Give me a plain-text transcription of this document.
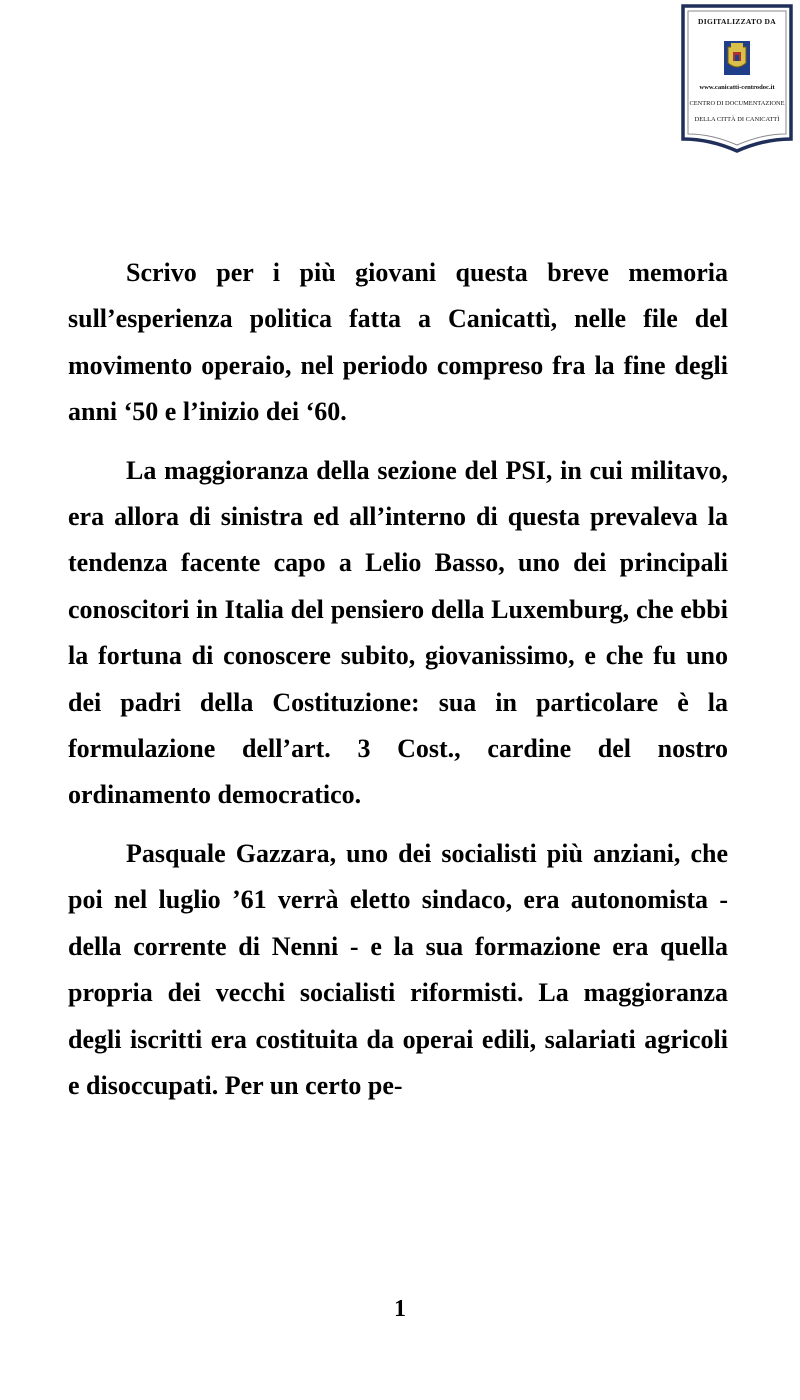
DIGITALIZZATO DA
www.canicatti-centrodoc.it
CENTRO DI DOCUMENTAZIONE
DELLA CITTÀ DI CANICATTÌ

Scrivo per i più giovani questa breve memoria sull’esperienza politica fatta a Canicattì, nelle file del movimento operaio, nel periodo compreso fra la fine degli anni ‘50 e l’inizio dei ‘60.

La maggioranza della sezione del PSI, in cui militavo, era allora di sinistra ed all’interno di questa prevaleva la tendenza facente capo a Lelio Basso, uno dei principali conoscitori in Italia del pensiero della Luxemburg, che ebbi la fortuna di conoscere subito, giovanissimo, e che fu uno dei padri della Costituzione: sua in particolare è la formulazione dell’art. 3 Cost., cardine del nostro ordinamento democratico.

Pasquale Gazzara, uno dei socialisti più anziani, che poi nel luglio ’61 verrà eletto sindaco, era autonomista - della corrente di Nenni - e la sua formazione era quella propria dei vecchi socialisti riformisti. La maggioranza degli iscritti era costituita da operai edili, salariati agricoli e disoccupati. Per un certo pe-

1
